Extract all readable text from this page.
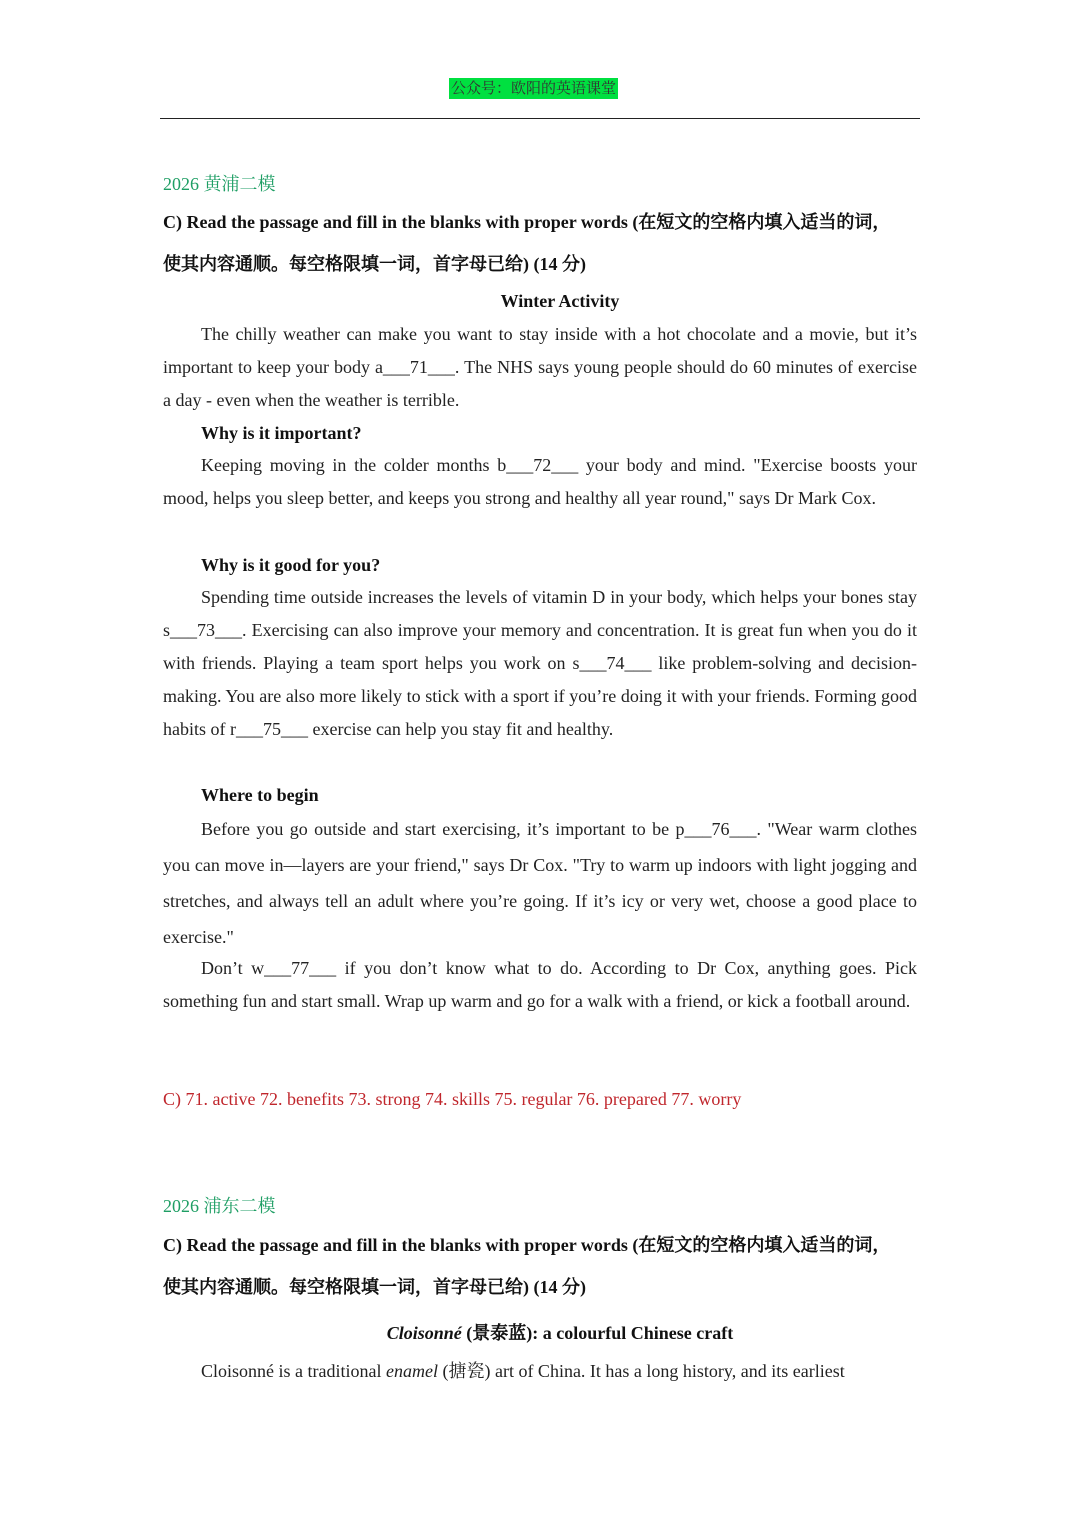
公众号：欧阳的英语课堂
2026 黄浦二模
C) Read the passage and fill in the blanks with proper words (在短文的空格内填入适当的词，
使其内容通顺。每空格限填一词，首字母已给) (14 分)
Winter Activity
The chilly weather can make you want to stay inside with a hot chocolate and a movie, but it’s important to keep your body a___71___. The NHS says young people should do 60 minutes of exercise a day - even when the weather is terrible.
Why is it important?
Keeping moving in the colder months b___72___ your body and mind. "Exercise boosts your mood, helps you sleep better, and keeps you strong and healthy all year round," says Dr Mark Cox.
Why is it good for you?
Spending time outside increases the levels of vitamin D in your body, which helps your bones stay s___73___. Exercising can also improve your memory and concentration. It is great fun when you do it with friends. Playing a team sport helps you work on s___74___ like problem-solving and decision-making. You are also more likely to stick with a sport if you’re doing it with your friends. Forming good habits of r___75___ exercise can help you stay fit and healthy.
Where to begin
Before you go outside and start exercising, it’s important to be p___76___. "Wear warm clothes you can move in—layers are your friend," says Dr Cox. "Try to warm up indoors with light jogging and stretches, and always tell an adult where you’re going. If it’s icy or very wet, choose a good place to exercise."
Don’t w___77___ if you don’t know what to do. According to Dr Cox, anything goes. Pick something fun and start small. Wrap up warm and go for a walk with a friend, or kick a football around.
C) 71. active 72. benefits 73. strong 74. skills 75. regular 76. prepared 77. worry
2026 浦东二模
C) Read the passage and fill in the blanks with proper words (在短文的空格内填入适当的词，
使其内容通顺。每空格限填一词，首字母已给) (14 分)
Cloisonné (景泰蓝): a colourful Chinese craft
Cloisonné is a traditional enamel (搪瓷) art of China. It has a long history, and its earliest
